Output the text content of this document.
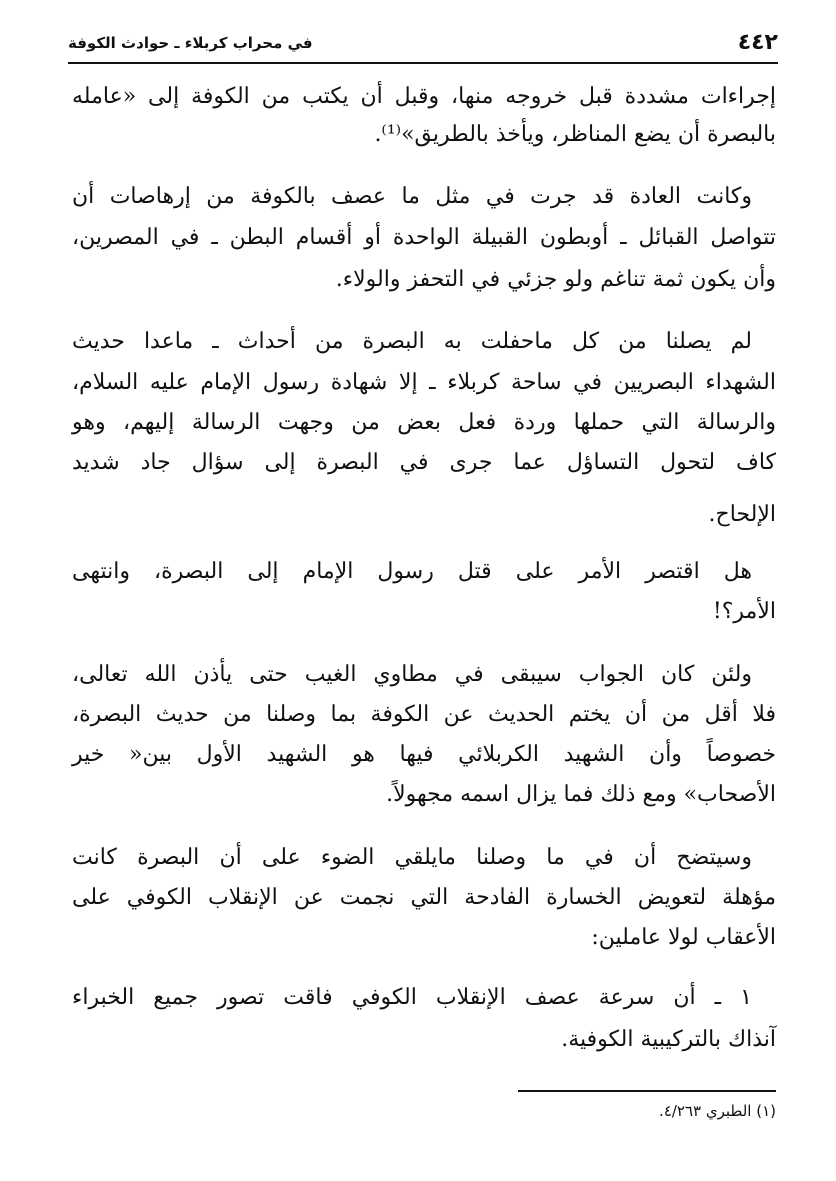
٤٤٢
في محراب كربلاء ـ حوادث الكوفة
إجراءات مشددة قبل خروجه منها، وقبل أن يكتب من الكوفة إلى «عامله
بالبصرة أن يضع المناظر، ويأخذ بالطريق»⁽¹⁾.
وكانت العادة قد جرت في مثل ما عصف بالكوفة من إرهاصات أن
تتواصل القبائل ـ أوبطون القبيلة الواحدة أو أقسام البطن ـ في المصرين،
وأن يكون ثمة تناغم ولو جزئي في التحفز والولاء.
لم يصلنا من كل ماحفلت به البصرة من أحداث ـ ماعدا حديث
الشهداء البصريين في ساحة كربلاء ـ إلا شهادة رسول الإمام عليه السلام،
والرسالة التي حملها وردة فعل بعض من وجهت الرسالة إليهم، وهو
كاف لتحول التساؤل عما جرى في البصرة إلى سؤال جاد شديد
الإلحاح.
هل اقتصر الأمر على قتل رسول الإمام إلى البصرة، وانتهى
الأمر؟!
ولئن كان الجواب سيبقى في مطاوي الغيب حتى يأذن الله تعالى،
فلا أقل من أن يختم الحديث عن الكوفة بما وصلنا من حديث البصرة،
خصوصاً وأن الشهيد الكربلائي فيها هو الشهيد الأول بين« خير
الأصحاب» ومع ذلك فما يزال اسمه مجهولاً.
وسيتضح أن في ما وصلنا مايلقي الضوء على أن البصرة كانت
مؤهلة لتعويض الخسارة الفادحة التي نجمت عن الإنقلاب الكوفي على
الأعقاب لولا عاملين:
١ ـ أن سرعة عصف الإنقلاب الكوفي فاقت تصور جميع الخبراء
آنذاك بالتركيبية الكوفية.
(١) الطبري ٤/٢٦٣.
